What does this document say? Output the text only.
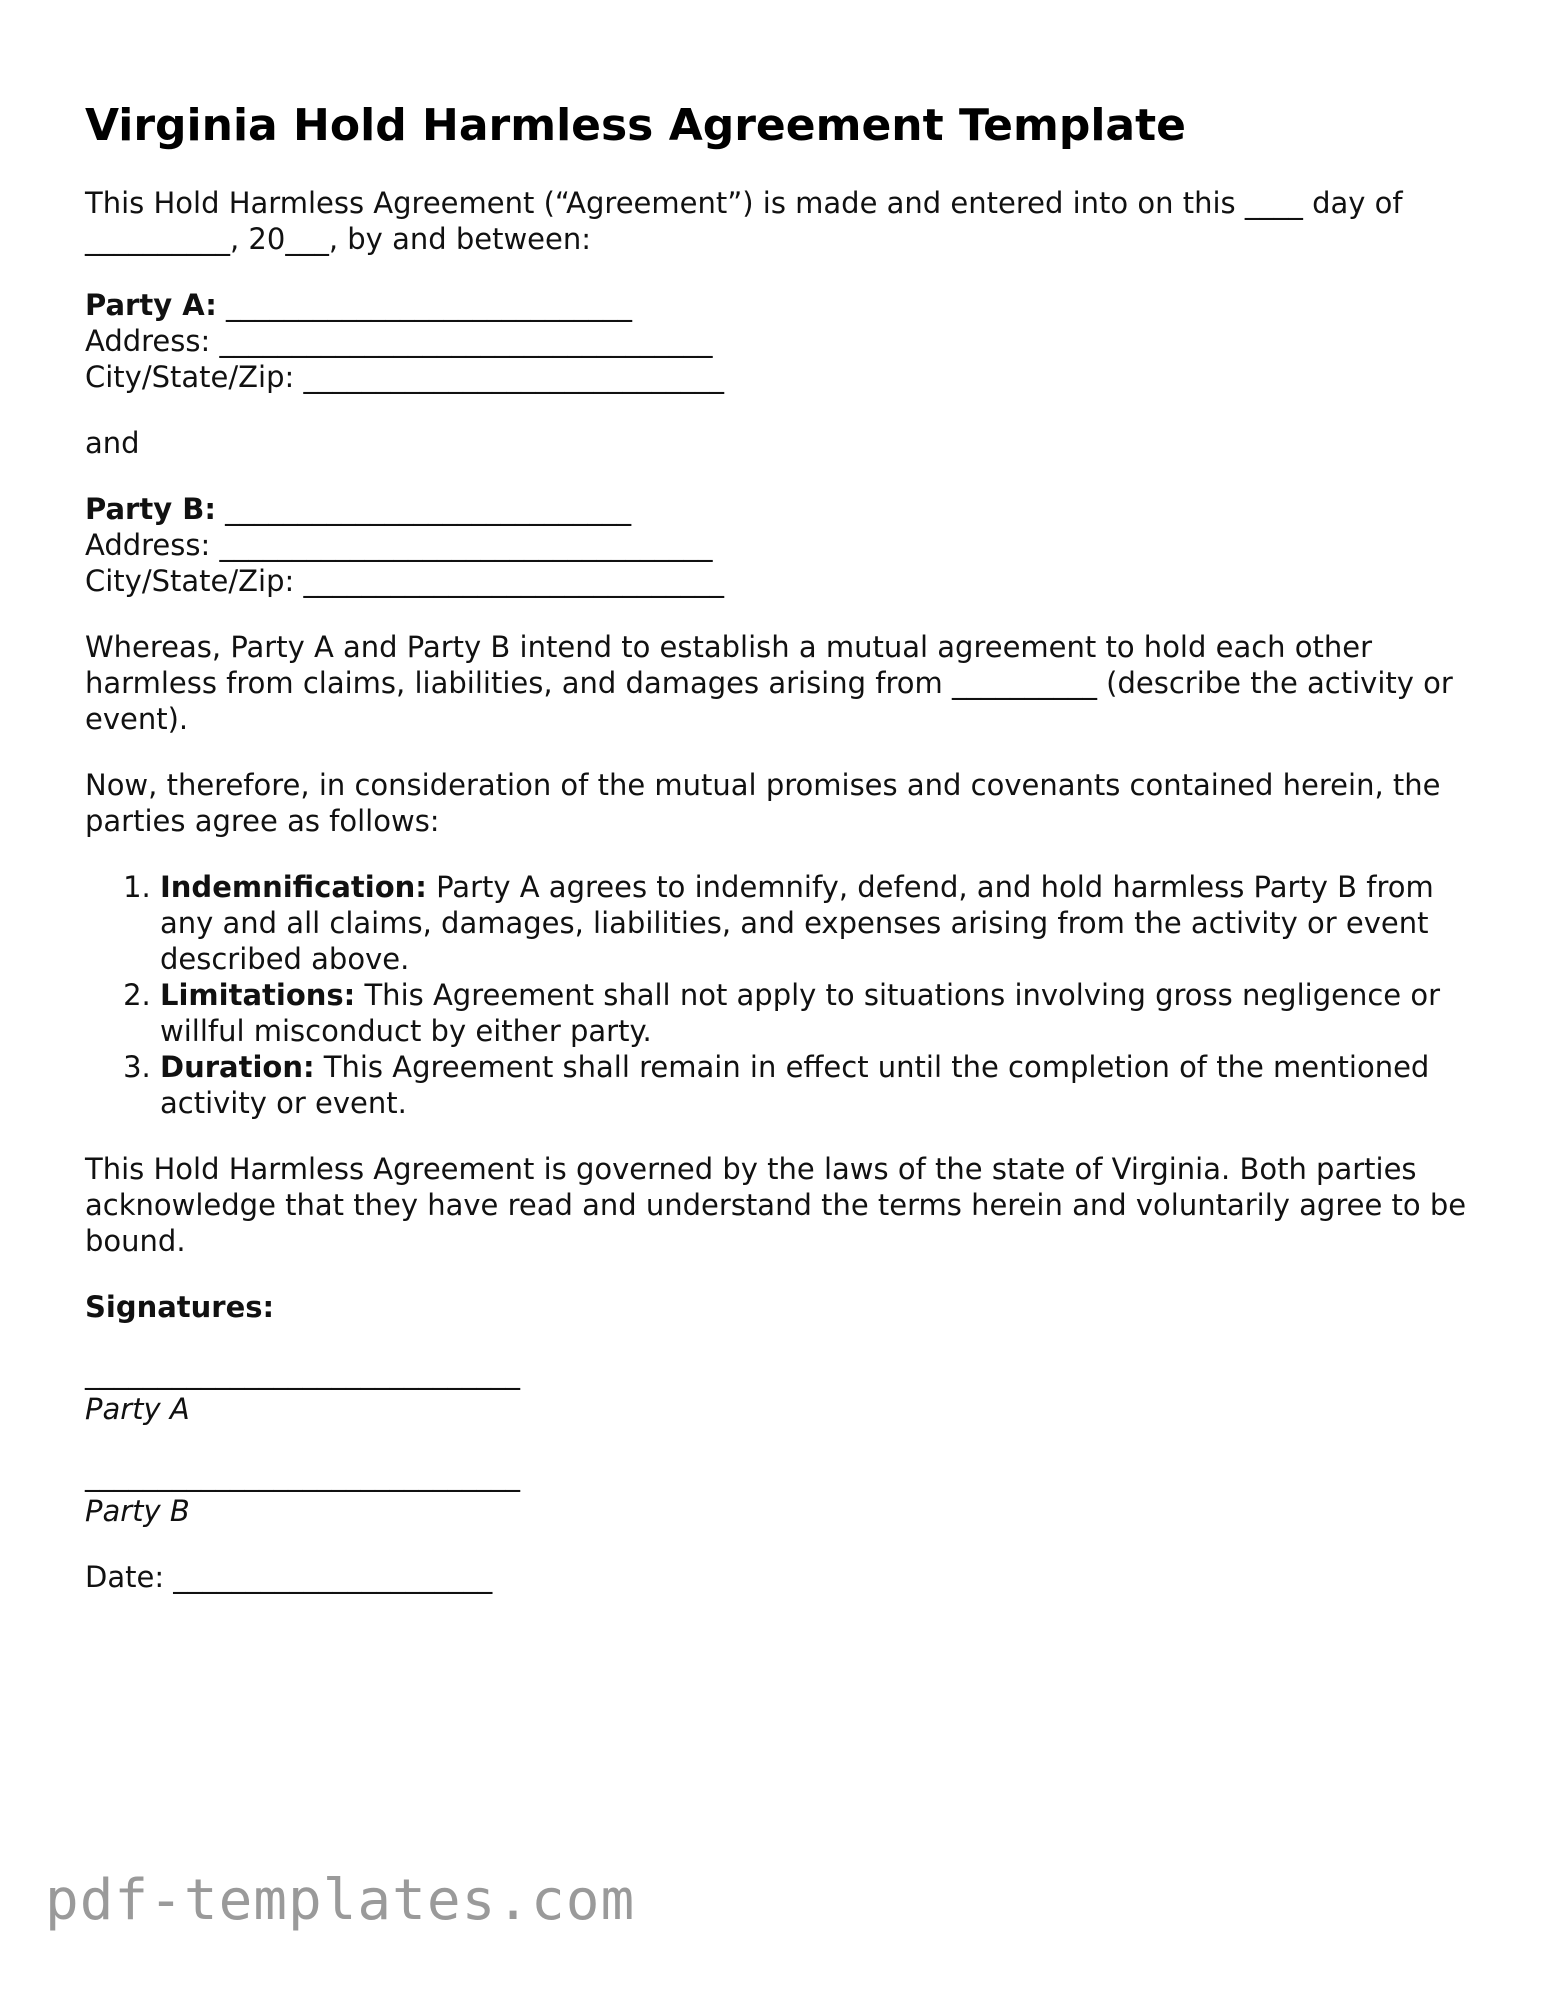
Virginia Hold Harmless Agreement Template

This Hold Harmless Agreement (“Agreement”) is made and entered into on this ____ day of __________, 20___, by and between:

Party A: ____________________________
Address: __________________________________
City/State/Zip: _____________________________

and

Party B: ____________________________
Address: __________________________________
City/State/Zip: _____________________________

Whereas, Party A and Party B intend to establish a mutual agreement to hold each other harmless from claims, liabilities, and damages arising from __________ (describe the activity or event).

Now, therefore, in consideration of the mutual promises and covenants contained herein, the parties agree as follows:

1. Indemnification: Party A agrees to indemnify, defend, and hold harmless Party B from any and all claims, damages, liabilities, and expenses arising from the activity or event described above.
2. Limitations: This Agreement shall not apply to situations involving gross negligence or willful misconduct by either party.
3. Duration: This Agreement shall remain in effect until the completion of the mentioned activity or event.

This Hold Harmless Agreement is governed by the laws of the state of Virginia. Both parties acknowledge that they have read and understand the terms herein and voluntarily agree to be bound.

Signatures:
______________________________
Party A
______________________________
Party B
Date: ______________________
pdf-templates.com
